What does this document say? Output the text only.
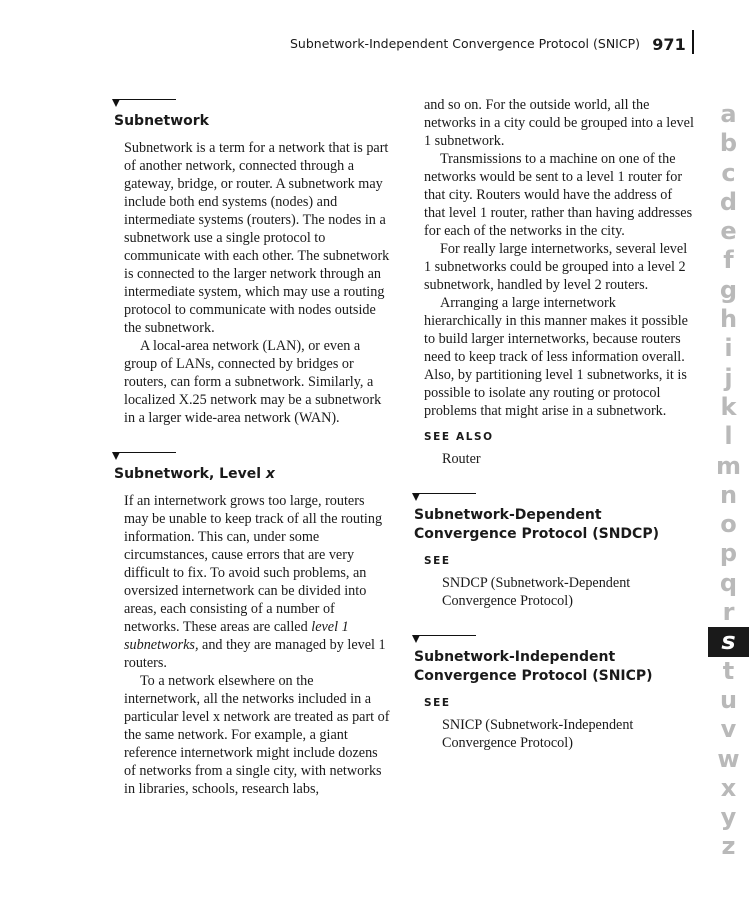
Subnetwork-Independent Convergence Protocol (SNICP) 971
Subnetwork

Subnetwork is a term for a network that is part of another network, connected through a gateway, bridge, or router. A subnetwork may include both end systems (nodes) and intermediate systems (routers). The nodes in a subnetwork use a single protocol to communicate with each other. The subnetwork is connected to the larger network through an intermediate system, which may use a routing protocol to communicate with nodes outside the subnetwork.

A local-area network (LAN), or even a group of LANs, connected by bridges or routers, can form a subnetwork. Similarly, a localized X.25 network may be a subnetwork in a larger wide-area network (WAN).

Subnetwork, Level x

If an internetwork grows too large, routers may be unable to keep track of all the routing information. This can, under some circumstances, cause errors that are very difficult to fix. To avoid such problems, an oversized internetwork can be divided into areas, each consisting of a number of networks. These areas are called level 1 subnetworks, and they are managed by level 1 routers.

To a network elsewhere on the internetwork, all the networks included in a particular level x network are treated as part of the same network. For example, a giant reference internetwork might include dozens of networks from a single city, with networks in libraries, schools, research labs,

and so on. For the outside world, all the networks in a city could be grouped into a level 1 subnetwork.

Transmissions to a machine on one of the networks would be sent to a level 1 router for that city. Routers would have the address of that level 1 router, rather than having addresses for each of the networks in the city.

For really large internetworks, several level 1 subnetworks could be grouped into a level 2 subnetwork, handled by level 2 routers.

Arranging a large internetwork hierarchically in this manner makes it possible to build larger internetworks, because routers need to keep track of less information overall. Also, by partitioning level 1 subnetworks, it is possible to isolate any routing or protocol problems that might arise in a subnetwork.

SEE ALSO
Router
Subnetwork-Dependent Convergence Protocol (SNDCP)
SEE
SNDCP (Subnetwork-Dependent Convergence Protocol)
Subnetwork-Independent Convergence Protocol (SNICP)
SEE
SNICP (Subnetwork-Independent Convergence Protocol)
a
b
c
d
e
f
g
h
i
j
k
l
m
n
o
p
q
r
s
t
u
v
w
x
y
z
